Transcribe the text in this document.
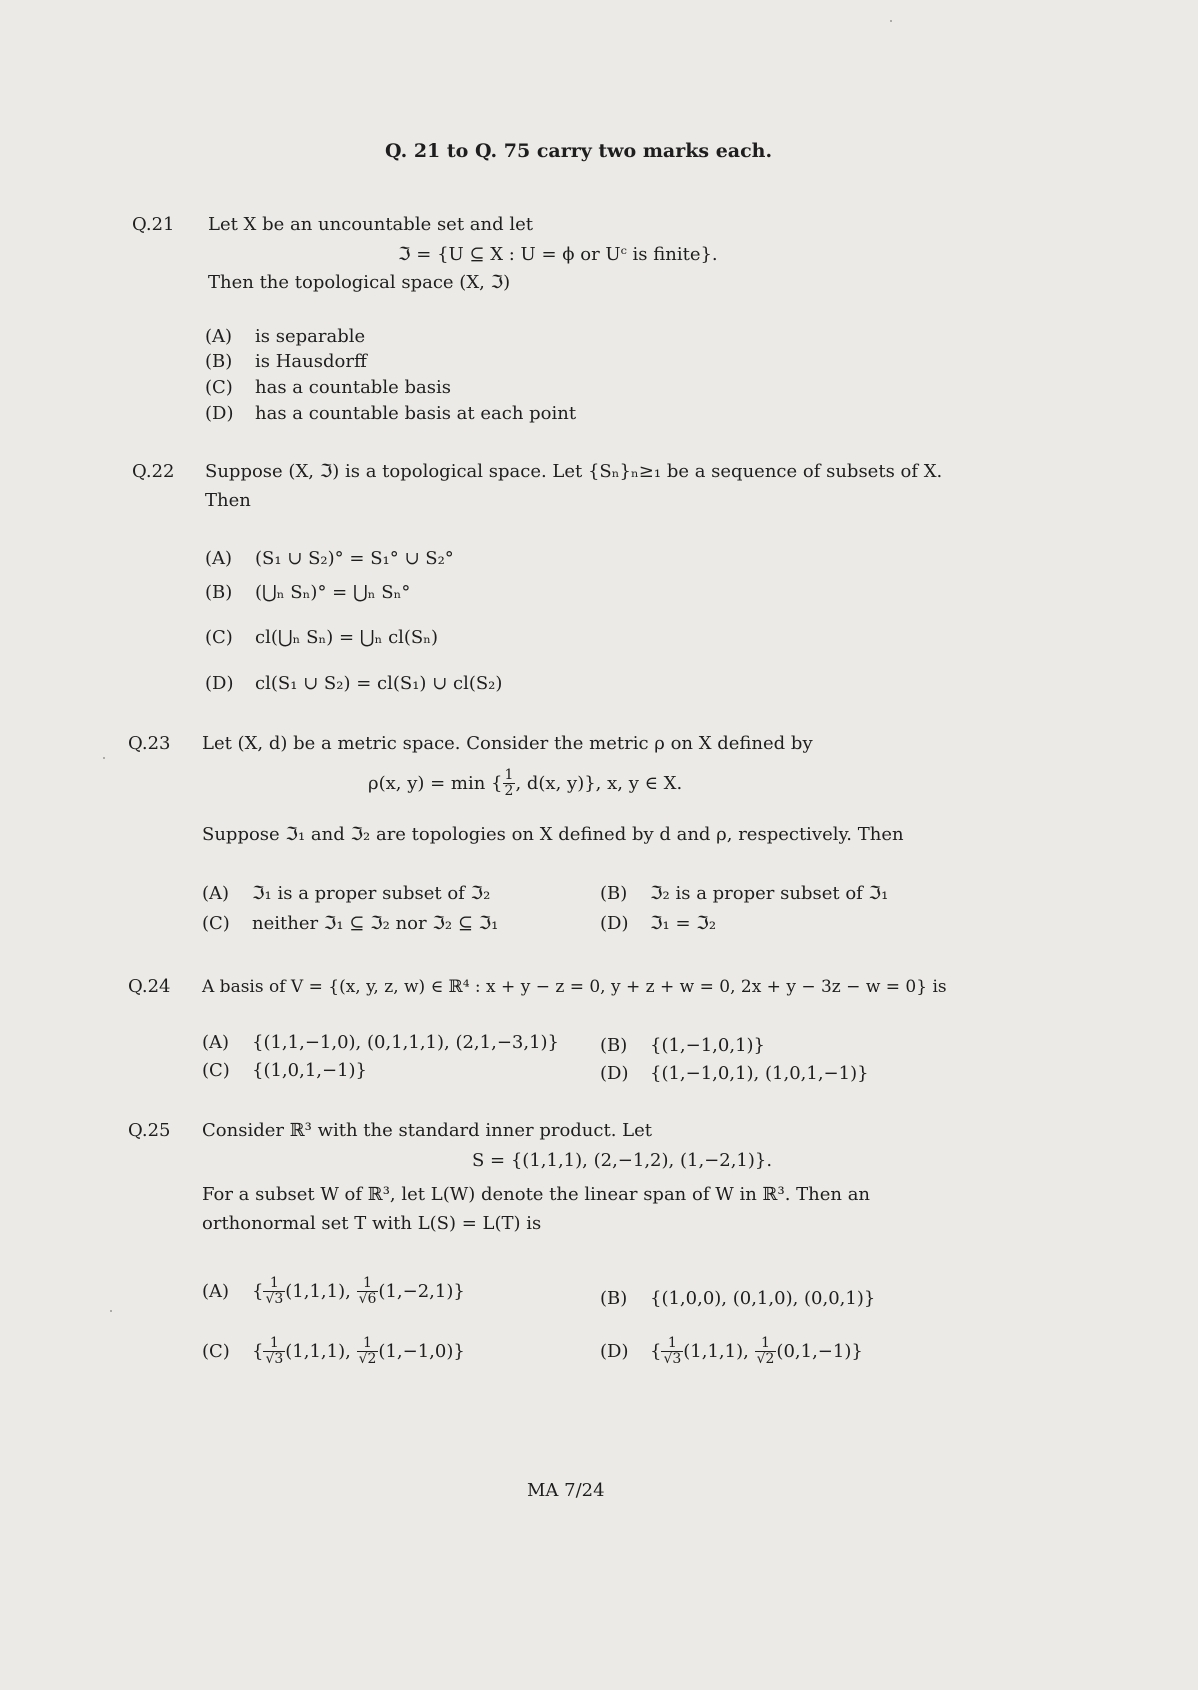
Q. 21 to Q. 75 carry two marks each.
Q.21 Let X be an uncountable set and let
ℑ = {U ⊆ X : U = ϕ or Uᶜ is finite}.
Then the topological space (X, ℑ)
(A) is separable
(B) is Hausdorff
(C) has a countable basis
(D) has a countable basis at each point
Q.22 Suppose (X, ℑ) is a topological space. Let {Sₙ}ₙ≥₁ be a sequence of subsets of X.
Then
(A) (S₁ ∪ S₂)° = S₁° ∪ S₂°
(B) (⋃ₙ Sₙ)° = ⋃ₙ Sₙ°
(C) cl(⋃ₙ Sₙ) = ⋃ₙ cl(Sₙ)
(D) cl(S₁ ∪ S₂) = cl(S₁) ∪ cl(S₂)
Q.23 Let (X, d) be a metric space. Consider the metric ρ on X defined by
ρ(x, y) = min { $\frac{1}{2}$ , d(x, y)}, x, y ∈ X.
Suppose ℑ₁ and ℑ₂ are topologies on X defined by d and ρ, respectively. Then
(A) ℑ₁ is a proper subset of ℑ₂	(B) ℑ₂ is a proper subset of ℑ₁
(C) neither ℑ₁ ⊆ ℑ₂ nor ℑ₂ ⊆ ℑ₁	(D) ℑ₁ = ℑ₂
Q.24 A basis of V = {(x, y, z, w) ∈ ℝ⁴ : x + y − z = 0, y + z + w = 0, 2x + y − 3z − w = 0} is
(A) {(1,1,−1,0), (0,1,1,1), (2,1,−3,1)} (B) {(1,−1,0,1)}
(C) {(1,0,1,−1)}	(D) {(1,−1,0,1), (1,0,1,−1)}
Q.25 Consider ℝ³ with the standard inner product. Let
S = {(1,1,1), (2,−1,2), (1,−2,1)}.
For a subset W of ℝ³, let L(W) denote the linear span of W in ℝ³. Then an
orthonormal set T with L(S) = L(T) is
(A) { $\frac{1}{√3} (1,1,1)$, $\frac{1}{√6} (1,-2,1)$}	(B) {(1,0,0), (0,1,0), (0,0,1)}
(C) { $\frac{1}{√3} (1,1,1)$, $\frac{1}{√2} (1,-1,0)$}	(D) { $\frac{1}{√3} (1,1,1)$, $\frac{1}{√2} (0,1,-1)$}
MA 7/24
